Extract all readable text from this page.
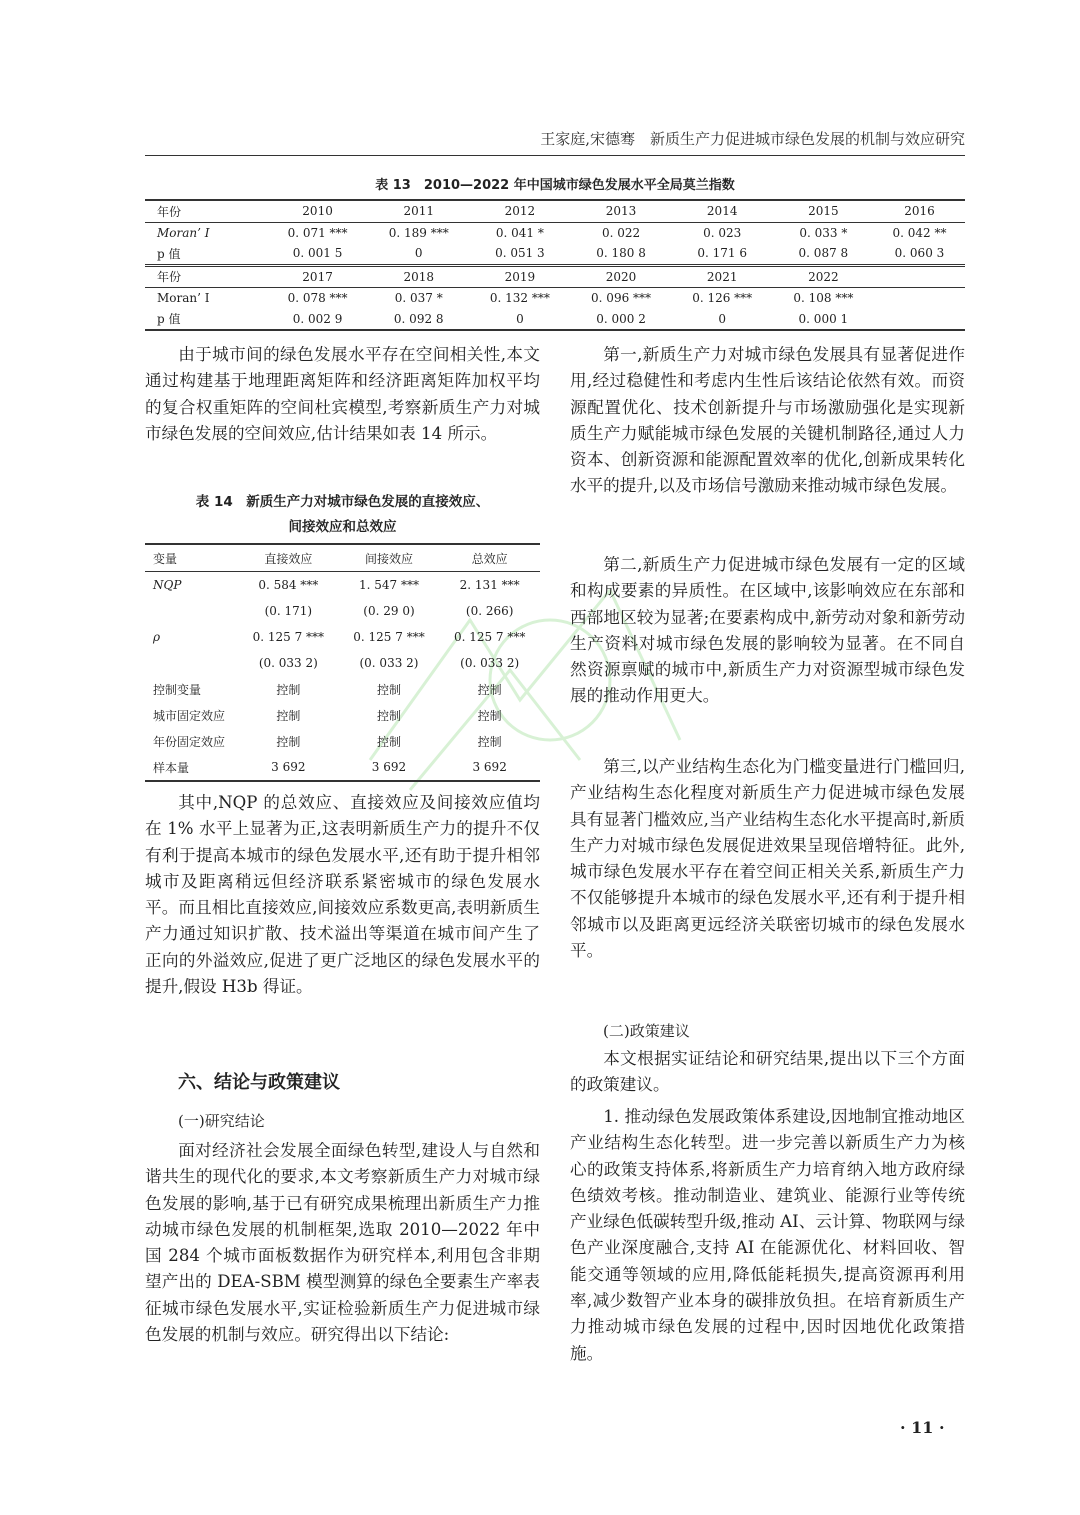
王家庭,宋德骞　新质生产力促进城市绿色发展的机制与效应研究
表 13　2010—2022 年中国城市绿色发展水平全局莫兰指数
年份	2010	2011	2012	2013	2014	2015	2016
Moran’ I	0. 071 ***	0. 189 ***	0. 041 *	0. 022	0. 023	0. 033 *	0. 042 **
p 值	0. 001 5	0	0. 051 3	0. 180 8	0. 171 6	0. 087 8	0. 060 3
年份	2017	2018	2019	2020	2021	2022	
Moran’ I	0. 078 ***	0. 037 *	0. 132 ***	0. 096 ***	0. 126 ***	0. 108 ***	
p 值	0. 002 9	0. 092 8	0	0. 000 2	0	0. 000 1	

由于城市间的绿色发展水平存在空间相关性,本文通过构建基于地理距离矩阵和经济距离矩阵加权平均的复合权重矩阵的空间杜宾模型,考察新质生产力对城市绿色发展的空间效应,估计结果如表 14 所示。

表 14　新质生产力对城市绿色发展的直接效应、
间接效应和总效应
变量	直接效应	间接效应	总效应
NQP	0. 584 ***	1. 547 ***	2. 131 ***
	(0. 171)	(0. 29 0)	(0. 266)
ρ	0. 125 7 ***	0. 125 7 ***	0. 125 7 ***
	(0. 033 2)	(0. 033 2)	(0. 033 2)
控制变量	控制	控制	控制
城市固定效应	控制	控制	控制
年份固定效应	控制	控制	控制
样本量	3 692	3 692	3 692

其中,NQP 的总效应、直接效应及间接效应值均在 1% 水平上显著为正,这表明新质生产力的提升不仅有利于提高本城市的绿色发展水平,还有助于提升相邻城市及距离稍远但经济联系紧密城市的绿色发展水平。而且相比直接效应,间接效应系数更高,表明新质生产力通过知识扩散、技术溢出等渠道在城市间产生了正向的外溢效应,促进了更广泛地区的绿色发展水平的提升,假设 H3b 得证。

六、结论与政策建议
(一)研究结论

面对经济社会发展全面绿色转型,建设人与自然和谐共生的现代化的要求,本文考察新质生产力对城市绿色发展的影响,基于已有研究成果梳理出新质生产力推动城市绿色发展的机制框架,选取 2010—2022 年中国 284 个城市面板数据作为研究样本,利用包含非期望产出的 DEA-SBM 模型测算的绿色全要素生产率表征城市绿色发展水平,实证检验新质生产力促进城市绿色发展的机制与效应。研究得出以下结论:

第一,新质生产力对城市绿色发展具有显著促进作用,经过稳健性和考虑内生性后该结论依然有效。而资源配置优化、技术创新提升与市场激励强化是实现新质生产力赋能城市绿色发展的关键机制路径,通过人力资本、创新资源和能源配置效率的优化,创新成果转化水平的提升,以及市场信号激励来推动城市绿色发展。

第二,新质生产力促进城市绿色发展有一定的区域和构成要素的异质性。在区域中,该影响效应在东部和西部地区较为显著;在要素构成中,新劳动对象和新劳动生产资料对城市绿色发展的影响较为显著。在不同自然资源禀赋的城市中,新质生产力对资源型城市绿色发展的推动作用更大。

第三,以产业结构生态化为门槛变量进行门槛回归,产业结构生态化程度对新质生产力促进城市绿色发展具有显著门槛效应,当产业结构生态化水平提高时,新质生产力对城市绿色发展促进效果呈现倍增特征。此外,城市绿色发展水平存在着空间正相关关系,新质生产力不仅能够提升本城市的绿色发展水平,还有利于提升相邻城市以及距离更远经济关联密切城市的绿色发展水平。

(二)政策建议

本文根据实证结论和研究结果,提出以下三个方面的政策建议。

1. 推动绿色发展政策体系建设,因地制宜推动地区产业结构生态化转型。进一步完善以新质生产力为核心的政策支持体系,将新质生产力培育纳入地方政府绿色绩效考核。推动制造业、建筑业、能源行业等传统产业绿色低碳转型升级,推动 AI、云计算、物联网与绿色产业深度融合,支持 AI 在能源优化、材料回收、智能交通等领域的应用,降低能耗损失,提高资源再利用率,减少数智产业本身的碳排放负担。在培育新质生产力推动城市绿色发展的过程中,因时因地优化政策措施。

· 11 ·
